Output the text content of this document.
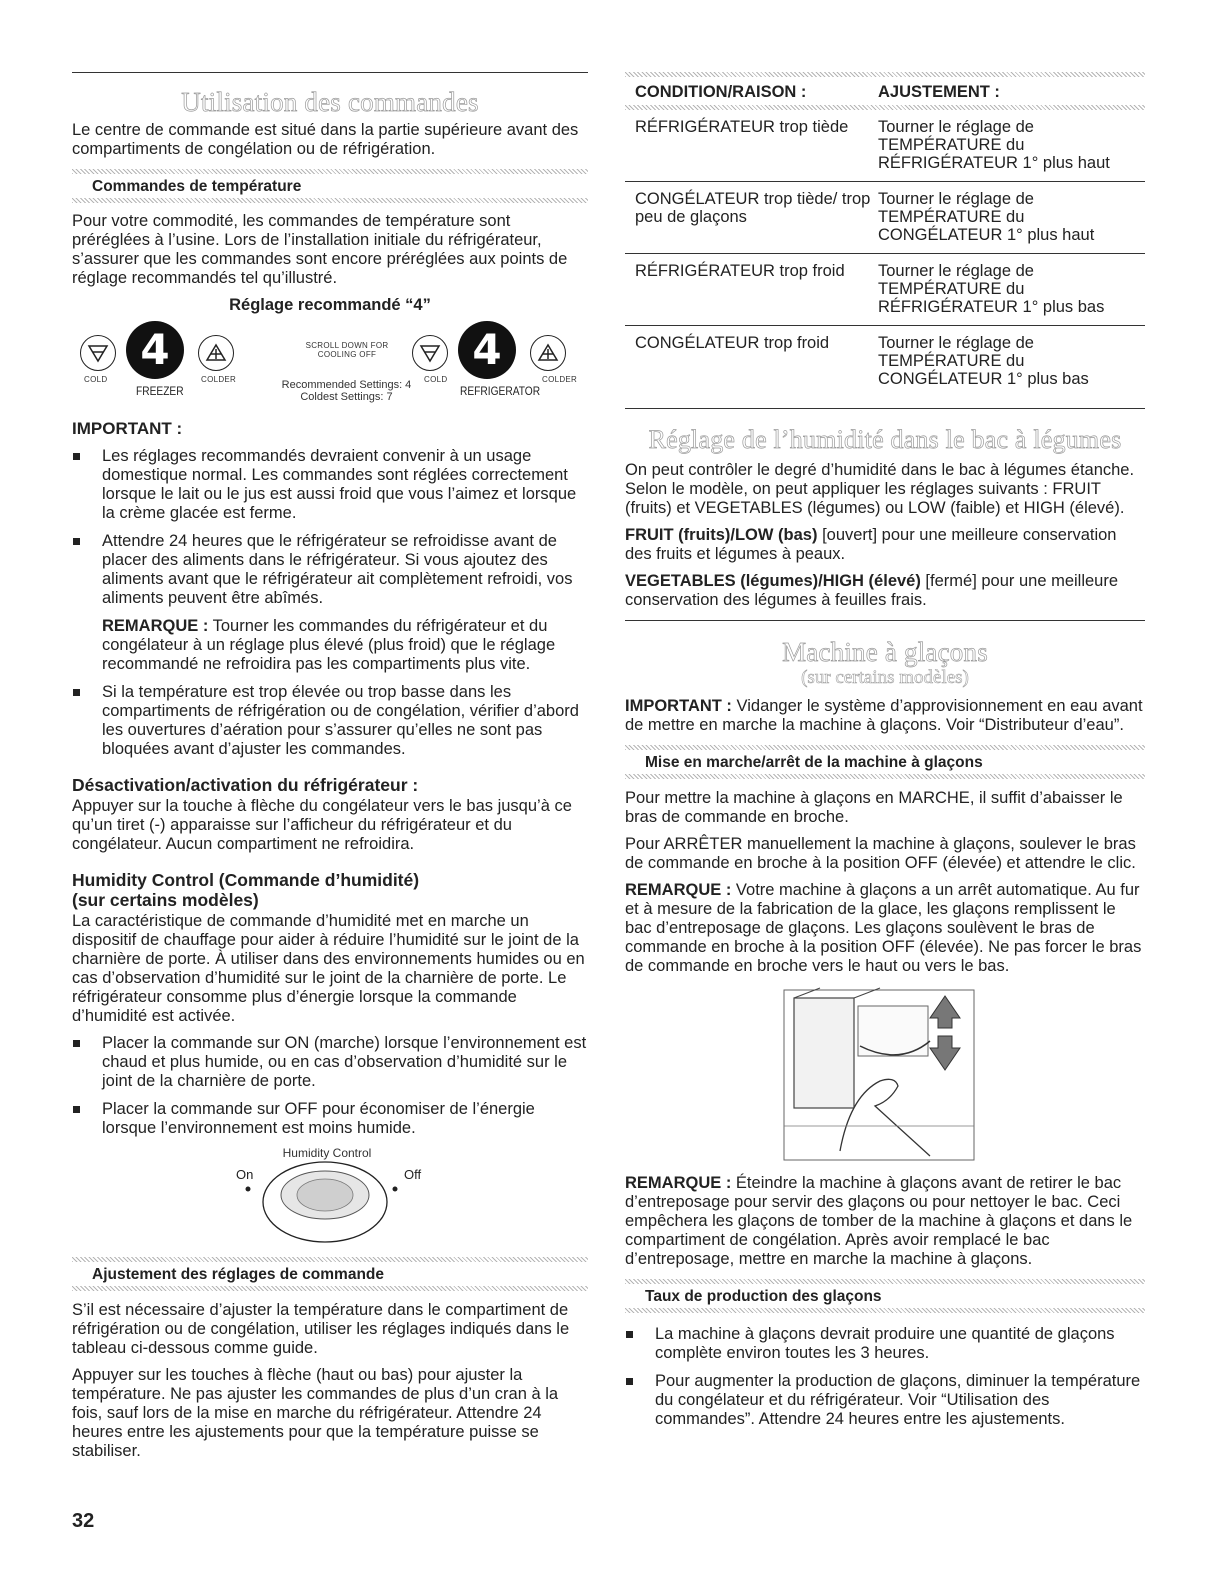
Utilisation des commandes

Le centre de commande est situé dans la partie supérieure avant des compartiments de congélation ou de réfrigération.

Commandes de température

Pour votre commodité, les commandes de température sont préréglées à l’usine. Lors de l’installation initiale du réfrigérateur, s’assurer que les commandes sont encore préréglées aux points de réglage recommandés tel qu’illustré.

Réglage recommandé “4”
4
COLD
FREEZER
COLDER
SCROLL DOWN FOR
COOLING OFF
Recommended Settings: 4
Coldest Settings: 7
4
COLD
REFRIGERATOR
COLDER
IMPORTANT :
Les réglages recommandés devraient convenir à un usage domestique normal. Les commandes sont réglées correctement lorsque le lait ou le jus est aussi froid que vous l’aimez et lorsque la crème glacée est ferme.
Attendre 24 heures que le réfrigérateur se refroidisse avant de placer des aliments dans le réfrigérateur. Si vous ajoutez des aliments avant que le réfrigérateur ait complètement refroidi, vos aliments peuvent être abîmés.
REMARQUE : Tourner les commandes du réfrigérateur et du congélateur à un réglage plus élevé (plus froid) que le réglage recommandé ne refroidira pas les compartiments plus vite.
Si la température est trop élevée ou trop basse dans les compartiments de réfrigération ou de congélation, vérifier d’abord les ouvertures d’aération pour s’assurer qu’elles ne sont pas bloquées avant d’ajuster les commandes.
Désactivation/activation du réfrigérateur :

Appuyer sur la touche à flèche du congélateur vers le bas jusqu’à ce qu’un tiret (-) apparaisse sur l’afficheur du réfrigérateur et du congélateur. Aucun compartiment ne refroidira.

Humidity Control (Commande d’humidité)
(sur certains modèles)

La caractéristique de commande d’humidité met en marche un dispositif de chauffage pour aider à réduire l’humidité sur le joint de la charnière de porte. À utiliser dans des environnements humides ou en cas d’observation d’humidité sur le joint de la charnière de porte. Le réfrigérateur consomme plus d’énergie lorsque la commande d’humidité est activée.

Placer la commande sur ON (marche) lorsque l’environnement est chaud et plus humide, ou en cas d’observation d’humidité sur le joint de la charnière de porte.
Placer la commande sur OFF pour économiser de l’énergie lorsque l’environnement est moins humide.
Humidity Control
On	Off
Ajustement des réglages de commande

S’il est nécessaire d’ajuster la température dans le compartiment de réfrigération ou de congélation, utiliser les réglages indiqués dans le tableau ci-dessous comme guide.

Appuyer sur les touches à flèche (haut ou bas) pour ajuster la température. Ne pas ajuster les commandes de plus d’un cran à la fois, sauf lors de la mise en marche du réfrigérateur. Attendre 24 heures entre les ajustements pour que la température puisse se stabiliser.

32
CONDITION/RAISON :	AJUSTEMENT :

RÉFRIGÉRATEUR trop tiède	Tourner le réglage de TEMPÉRATURE du RÉFRIGÉRATEUR 1° plus haut
CONGÉLATEUR trop tiède/ trop peu de glaçons	Tourner le réglage de TEMPÉRATURE du CONGÉLATEUR 1° plus haut
RÉFRIGÉRATEUR trop froid	Tourner le réglage de TEMPÉRATURE du RÉFRIGÉRATEUR 1° plus bas
CONGÉLATEUR trop froid	Tourner le réglage de TEMPÉRATURE du CONGÉLATEUR 1° plus bas
Réglage de l’humidité dans le bac à légumes

On peut contrôler le degré d’humidité dans le bac à légumes étanche. Selon le modèle, on peut appliquer les réglages suivants : FRUIT (fruits) et VEGETABLES (légumes) ou LOW (faible) et HIGH (élevé).

FRUIT (fruits)/LOW (bas) [ouvert] pour une meilleure conservation des fruits et légumes à peaux.

VEGETABLES (légumes)/HIGH (élevé) [fermé] pour une meilleure conservation des légumes à feuilles frais.

Machine à glaçons
(sur certains modèles)

IMPORTANT : Vidanger le système d’approvisionnement en eau avant de mettre en marche la machine à glaçons. Voir “Distributeur d’eau”.

Mise en marche/arrêt de la machine à glaçons

Pour mettre la machine à glaçons en MARCHE, il suffit d’abaisser le bras de commande en broche.

Pour ARRÊTER manuellement la machine à glaçons, soulever le bras de commande en broche à la position OFF (élevée) et attendre le clic.

REMARQUE : Votre machine à glaçons a un arrêt automatique. Au fur et à mesure de la fabrication de la glace, les glaçons remplissent le bac d’entreposage de glaçons. Les glaçons soulèvent le bras de commande en broche à la position OFF (élevée). Ne pas forcer le bras de commande en broche vers le haut ou vers le bas.

REMARQUE : Éteindre la machine à glaçons avant de retirer le bac d’entreposage pour servir des glaçons ou pour nettoyer le bac. Ceci empêchera les glaçons de tomber de la machine à glaçons et dans le compartiment de congélation. Après avoir remplacé le bac d’entreposage, mettre en marche la machine à glaçons.

Taux de production des glaçons
La machine à glaçons devrait produire une quantité de glaçons complète environ toutes les 3 heures.
Pour augmenter la production de glaçons, diminuer la température du congélateur et du réfrigérateur. Voir “Utilisation des commandes”. Attendre 24 heures entre les ajustements.
